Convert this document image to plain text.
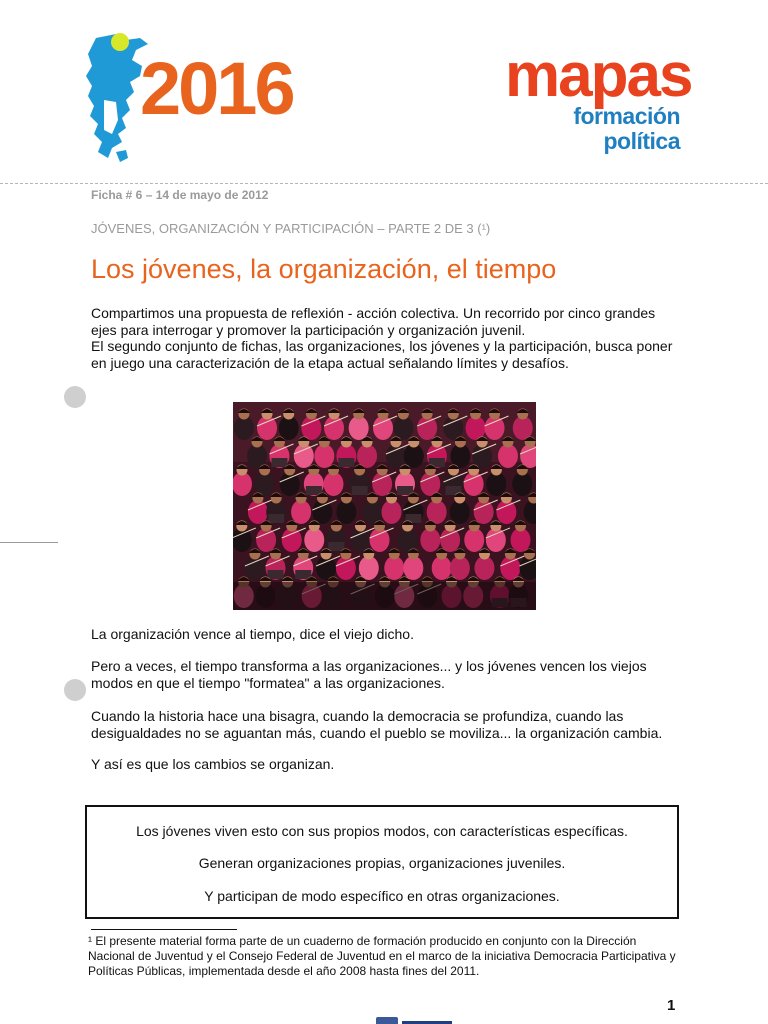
2016	mapas
formación política
Ficha # 6 – 14 de mayo de 2012
JÓVENES, ORGANIZACIÓN Y PARTICIPACIÓN – PARTE 2 DE 3 (¹)
Los jóvenes, la organización, el tiempo

Compartimos una propuesta de reflexión - acción colectiva. Un recorrido por cinco grandes ejes para interrogar y promover la participación y organización juvenil.

El segundo conjunto de fichas, las organizaciones, los jóvenes y la participación, busca poner en juego una caracterización de la etapa actual señalando límites y desafíos.

La organización vence al tiempo, dice el viejo dicho.

Pero a veces, el tiempo transforma a las organizaciones... y los jóvenes vencen los viejos modos en que el tiempo "formatea" a las organizaciones.

Cuando la historia hace una bisagra, cuando la democracia se profundiza, cuando las desigualdades no se aguantan más, cuando el pueblo se moviliza... la organización cambia.

Y así es que los cambios se organizan.

Los jóvenes viven esto con sus propios modos, con características específicas.

Generan organizaciones propias, organizaciones juveniles.

Y participan de modo específico en otras organizaciones.

¹ El presente material forma parte de un cuaderno de formación producido en conjunto con la Dirección Nacional de Juventud y el Consejo Federal de Juventud en el marco de la iniciativa Democracia Participativa y Políticas Públicas, implementada desde el año 2008 hasta fines del 2011.
1
